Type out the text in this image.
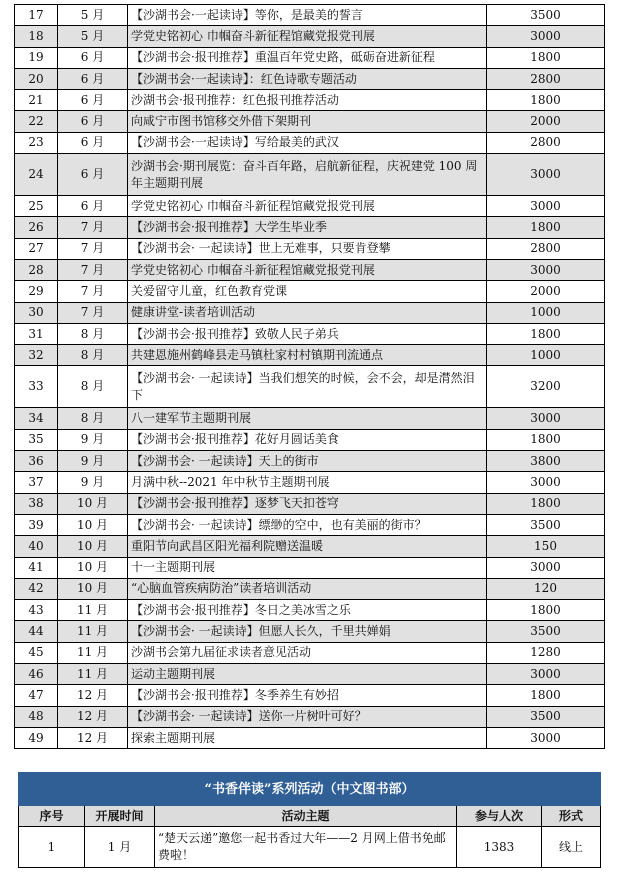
17	5 月	【沙湖书会·一起读诗】等你，是最美的誓言	3500
18	5 月	学党史铭初心 巾帼奋斗新征程馆藏党报党刊展	3000
19	6 月	【沙湖书会·报刊推荐】重温百年党史路，砥砺奋进新征程	1800
20	6 月	【沙湖书会·一起读诗】：红色诗歌专题活动	2800
21	6 月	沙湖书会·报刊推荐：红色报刊推荐活动	1800
22	6 月	向咸宁市图书馆移交外借下架期刊	2000
23	6 月	【沙湖书会·一起读诗】写给最美的武汉	2800
24	6 月	沙湖书会·期刊展览：奋斗百年路，启航新征程，庆祝建党 100 周年主题期刊展	3000
25	6 月	学党史铭初心 巾帼奋斗新征程馆藏党报党刊展	3000
26	7 月	【沙湖书会·报刊推荐】大学生毕业季	1800
27	7 月	【沙湖书会· 一起读诗】世上无难事，只要肯登攀	2800
28	7 月	学党史铭初心 巾帼奋斗新征程馆藏党报党刊展	3000
29	7 月	关爱留守儿童，红色教育党课	2000
30	7 月	健康讲堂-读者培训活动	1000
31	8 月	【沙湖书会·报刊推荐】致敬人民子弟兵	1800
32	8 月	共建恩施州鹤峰县走马镇杜家村村镇期刊流通点	1000
33	8 月	【沙湖书会· 一起读诗】当我们想笑的时候，会不会，却是潸然泪下	3200
34	8 月	八一建军节主题期刊展	3000
35	9 月	【沙湖书会·报刊推荐】花好月圆话美食	1800
36	9 月	【沙湖书会· 一起读诗】天上的街市	3800
37	9 月	月满中秋--2021 年中秋节主题期刊展	3000
38	10 月	【沙湖书会·报刊推荐】逐梦飞天扣苍穹	1800
39	10 月	【沙湖书会· 一起读诗】缥缈的空中，也有美丽的街市？	3500
40	10 月	重阳节向武昌区阳光福利院赠送温暖	150
41	10 月	十一主题期刊展	3000
42	10 月	“心脑血管疾病防治”读者培训活动	120
43	11 月	【沙湖书会·报刊推荐】冬日之美冰雪之乐	1800
44	11 月	【沙湖书会· 一起读诗】但愿人长久，千里共婵娟	3500
45	11 月	沙湖书会第九届征求读者意见活动	1280
46	11 月	运动主题期刊展	3000
47	12 月	【沙湖书会·报刊推荐】冬季养生有妙招	1800
48	12 月	【沙湖书会· 一起读诗】送你一片树叶可好？	3500
49	12 月	探索主题期刊展	3000
“书香伴读”系列活动（中文图书部）				
序号	开展时间	活动主题	参与人次	形式
1	1 月	“楚天云递”邀您一起书香过大年——2 月网上借书免邮费啦！	1383	线上
